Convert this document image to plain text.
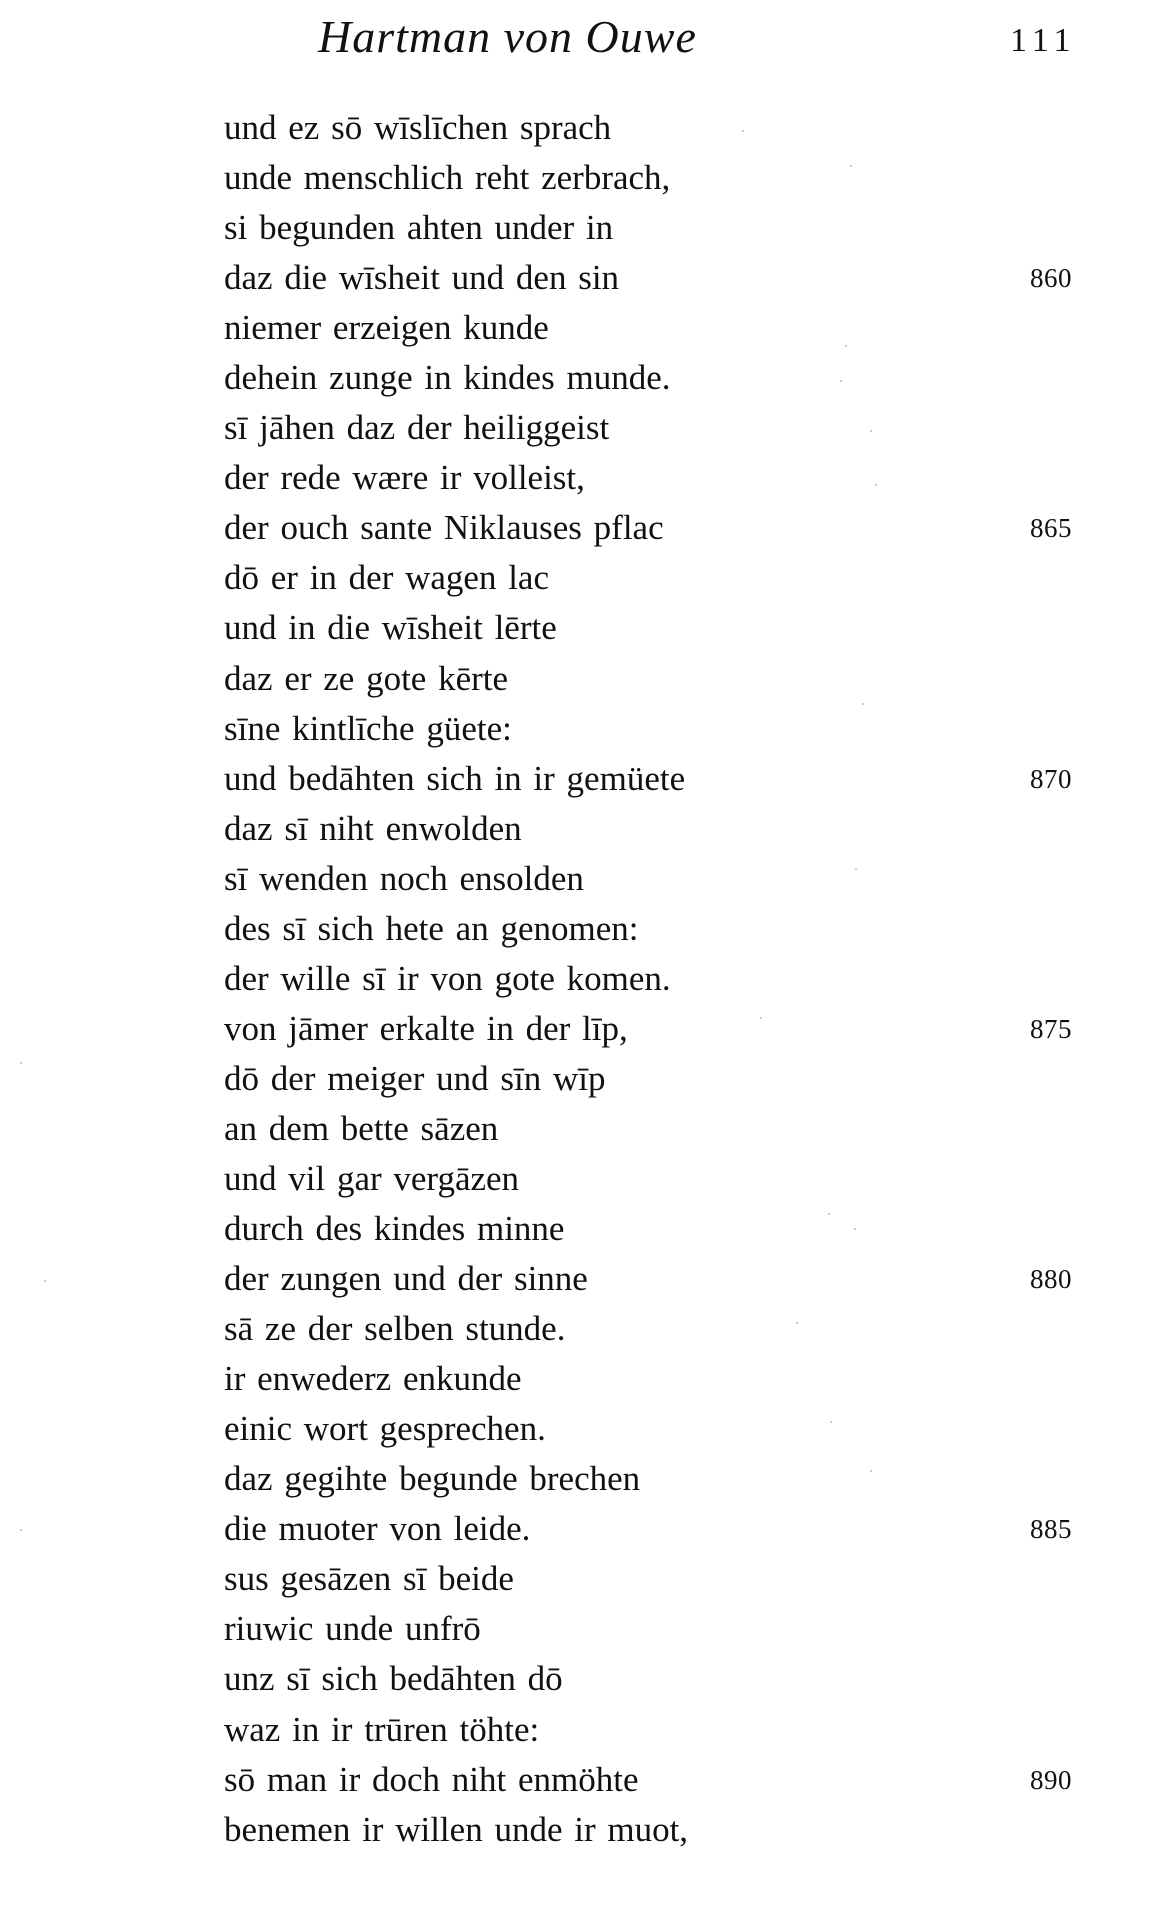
Hartman von Ouwe	111
und ez sō wīslīchen sprach
unde menschlich reht zerbrach,
si begunden ahten under in
daz die wīsheit und den sin	860
niemer erzeigen kunde
dehein zunge in kindes munde.
sī jāhen daz der heiliggeist
der rede wære ir volleist,
der ouch sante Niklauses pflac	865
dō er in der wagen lac
und in die wīsheit lērte
daz er ze gote kērte
sīne kintlīche güete:
und bedāhten sich in ir gemüete	870
daz sī niht enwolden
sī wenden noch ensolden
des sī sich hete an genomen:
der wille sī ir von gote komen.
von jāmer erkalte in der līp,	875
dō der meiger und sīn wīp
an dem bette sāzen
und vil gar vergāzen
durch des kindes minne
der zungen und der sinne	880
sā ze der selben stunde.
ir enwederz enkunde
einic wort gesprechen.
daz gegihte begunde brechen
die muoter von leide.	885
sus gesāzen sī beide
riuwic unde unfrō
unz sī sich bedāhten dō
waz in ir trūren töhte:
sō man ir doch niht enmöhte	890
benemen ir willen unde ir muot,
